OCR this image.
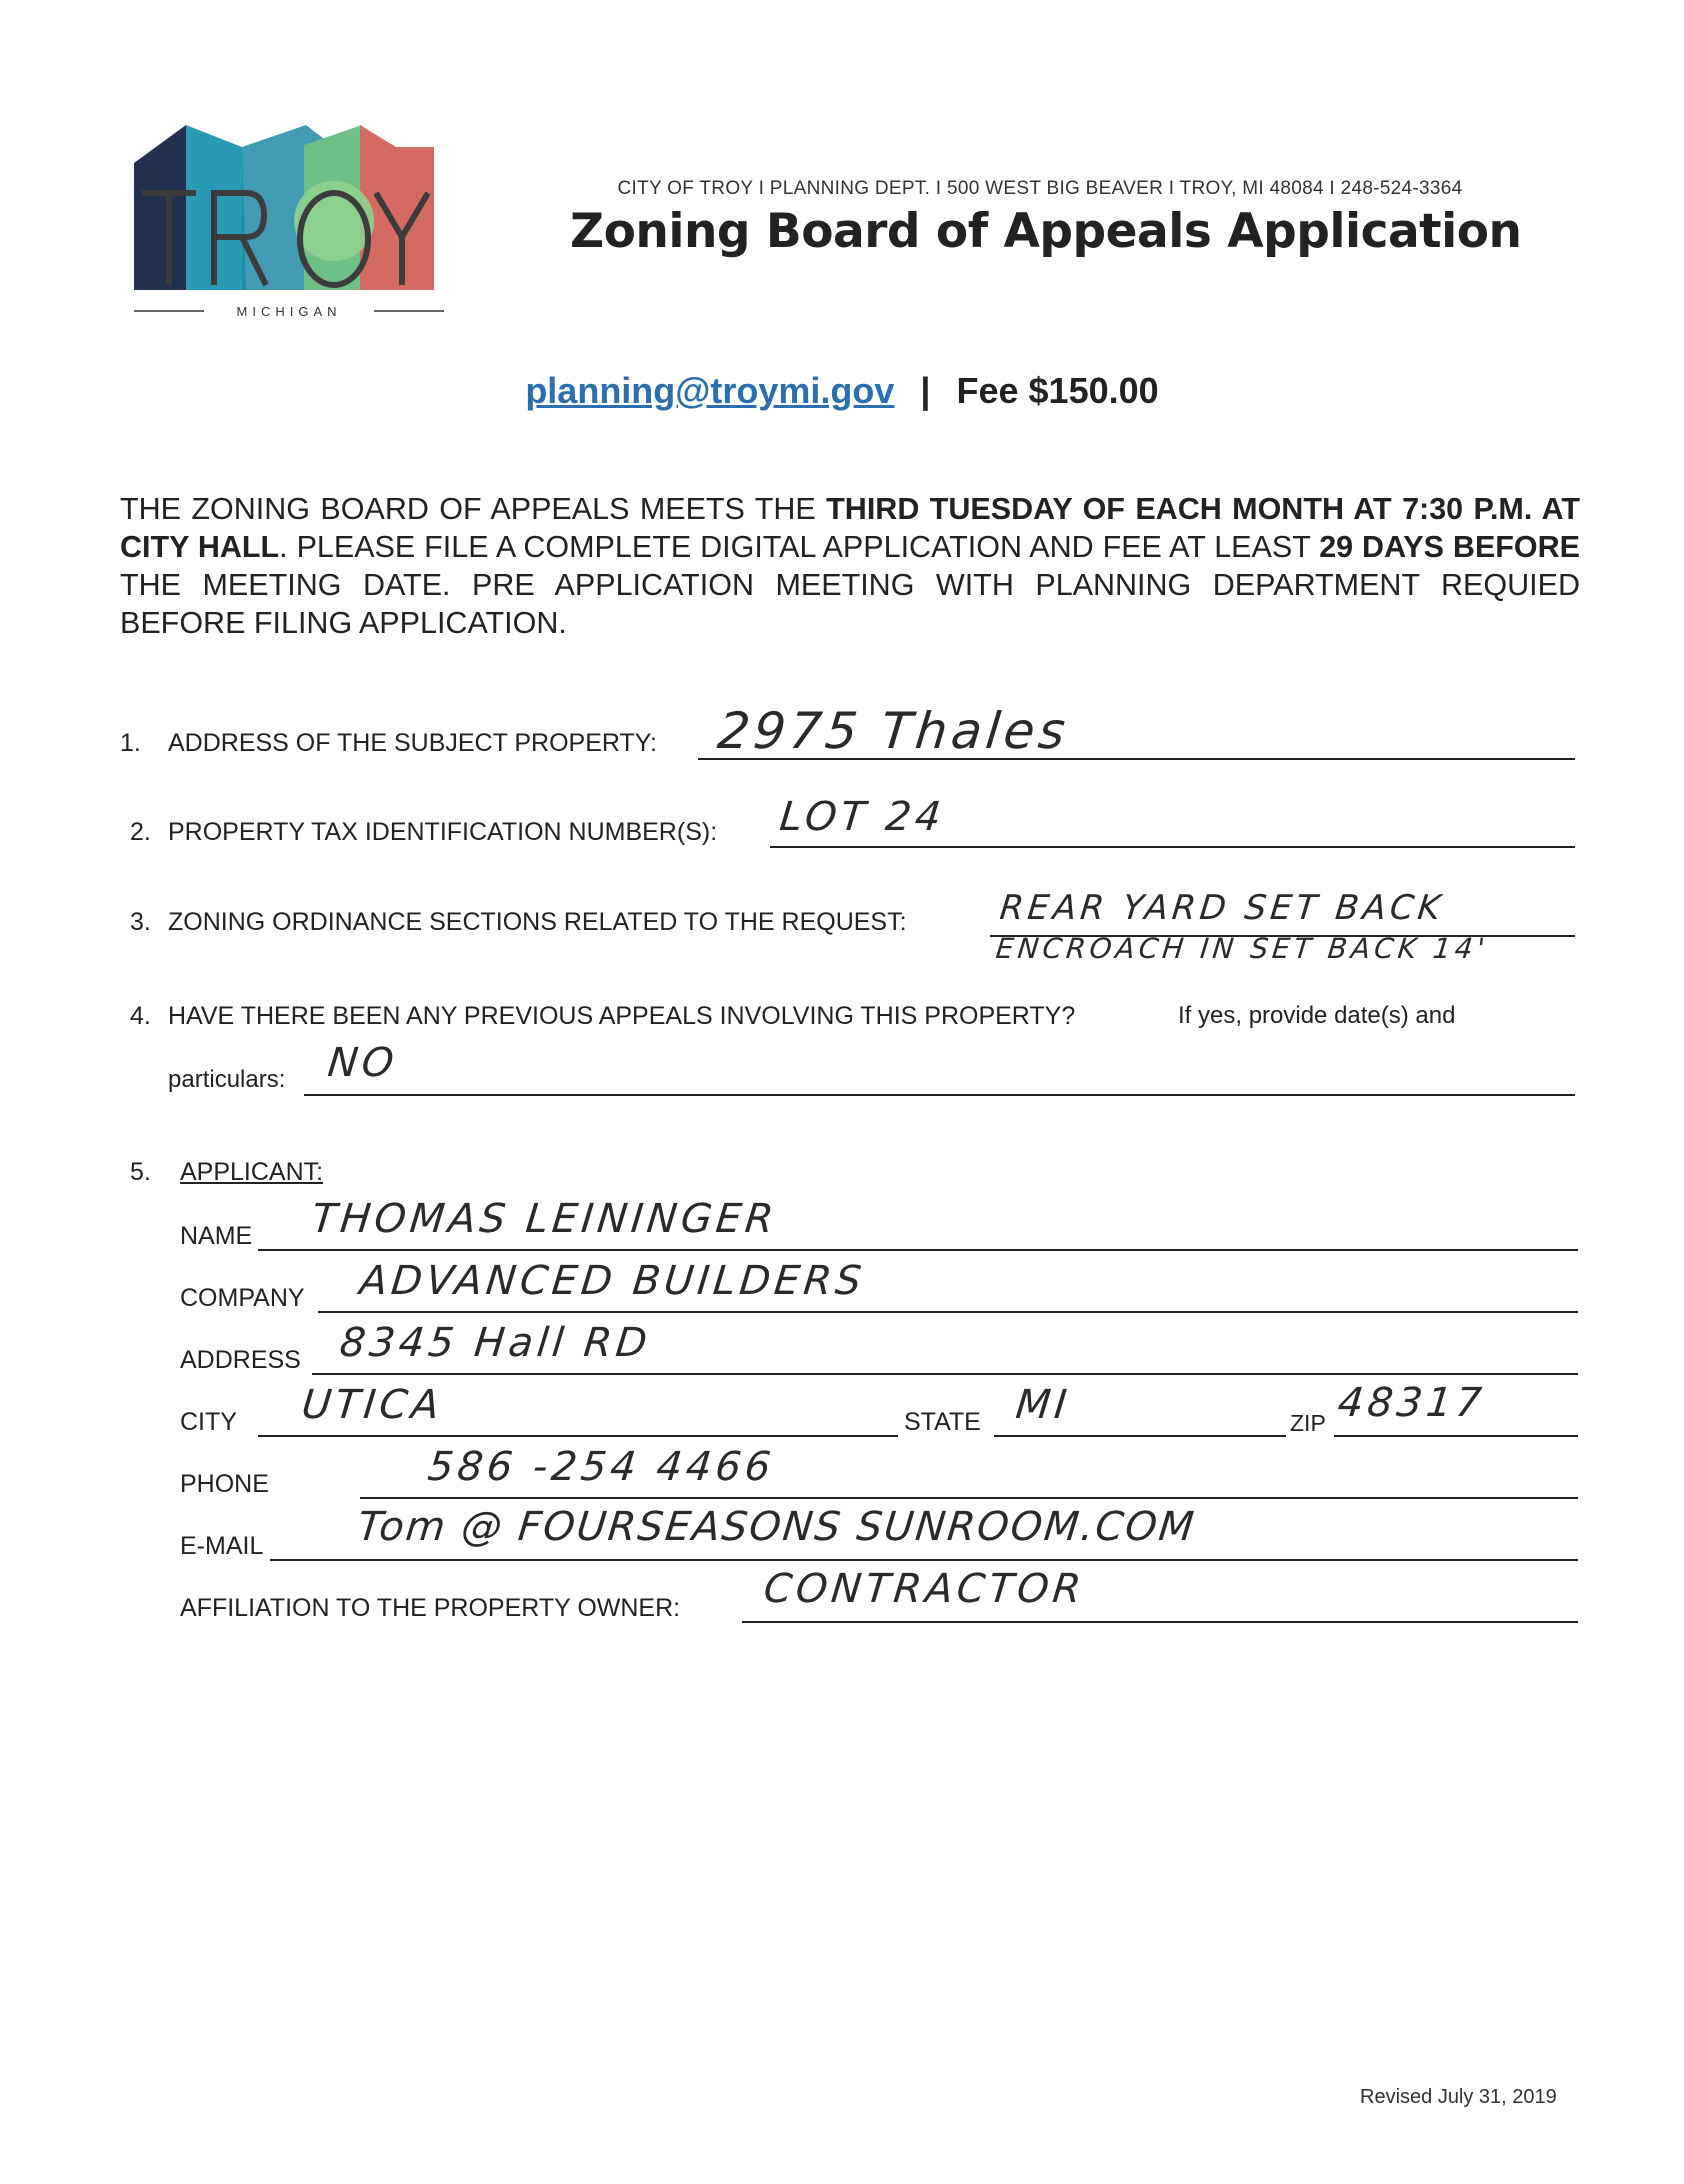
MICHIGAN
CITY OF TROY I PLANNING DEPT. I 500 WEST BIG BEAVER I TROY, MI 48084 I 248-524-3364
Zoning Board of Appeals Application
planning@troymi.gov | Fee $150.00
THE ZONING BOARD OF APPEALS MEETS THE THIRD TUESDAY OF EACH MONTH AT 7:30 P.M. AT CITY HALL. PLEASE FILE A COMPLETE DIGITAL APPLICATION AND FEE AT LEAST 29 DAYS BEFORE THE MEETING DATE. PRE APPLICATION MEETING WITH PLANNING DEPARTMENT REQUIED BEFORE FILING APPLICATION.
1. ADDRESS OF THE SUBJECT PROPERTY: 2975 Thales
2. PROPERTY TAX IDENTIFICATION NUMBER(S): LOT 24
3. ZONING ORDINANCE SECTIONS RELATED TO THE REQUEST:	REAR YARD SET BACK
ENCROACH IN SET BACK 14'
4. HAVE THERE BEEN ANY PREVIOUS APPEALS INVOLVING THIS PROPERTY?	If yes, provide date(s) and
particulars: NO
5. APPLICANT:
NAME THOMAS LEININGER
COMPANY ADVANCED BUILDERS
ADDRESS 8345 Hall RD
CITY UTICA	STATE MI	ZIP 48317
PHONE	586 -254 4466
E-MAIL Tom @ FOURSEASONS SUNROOM.COM
AFFILIATION TO THE PROPERTY OWNER: CONTRACTOR
Revised July 31, 2019
